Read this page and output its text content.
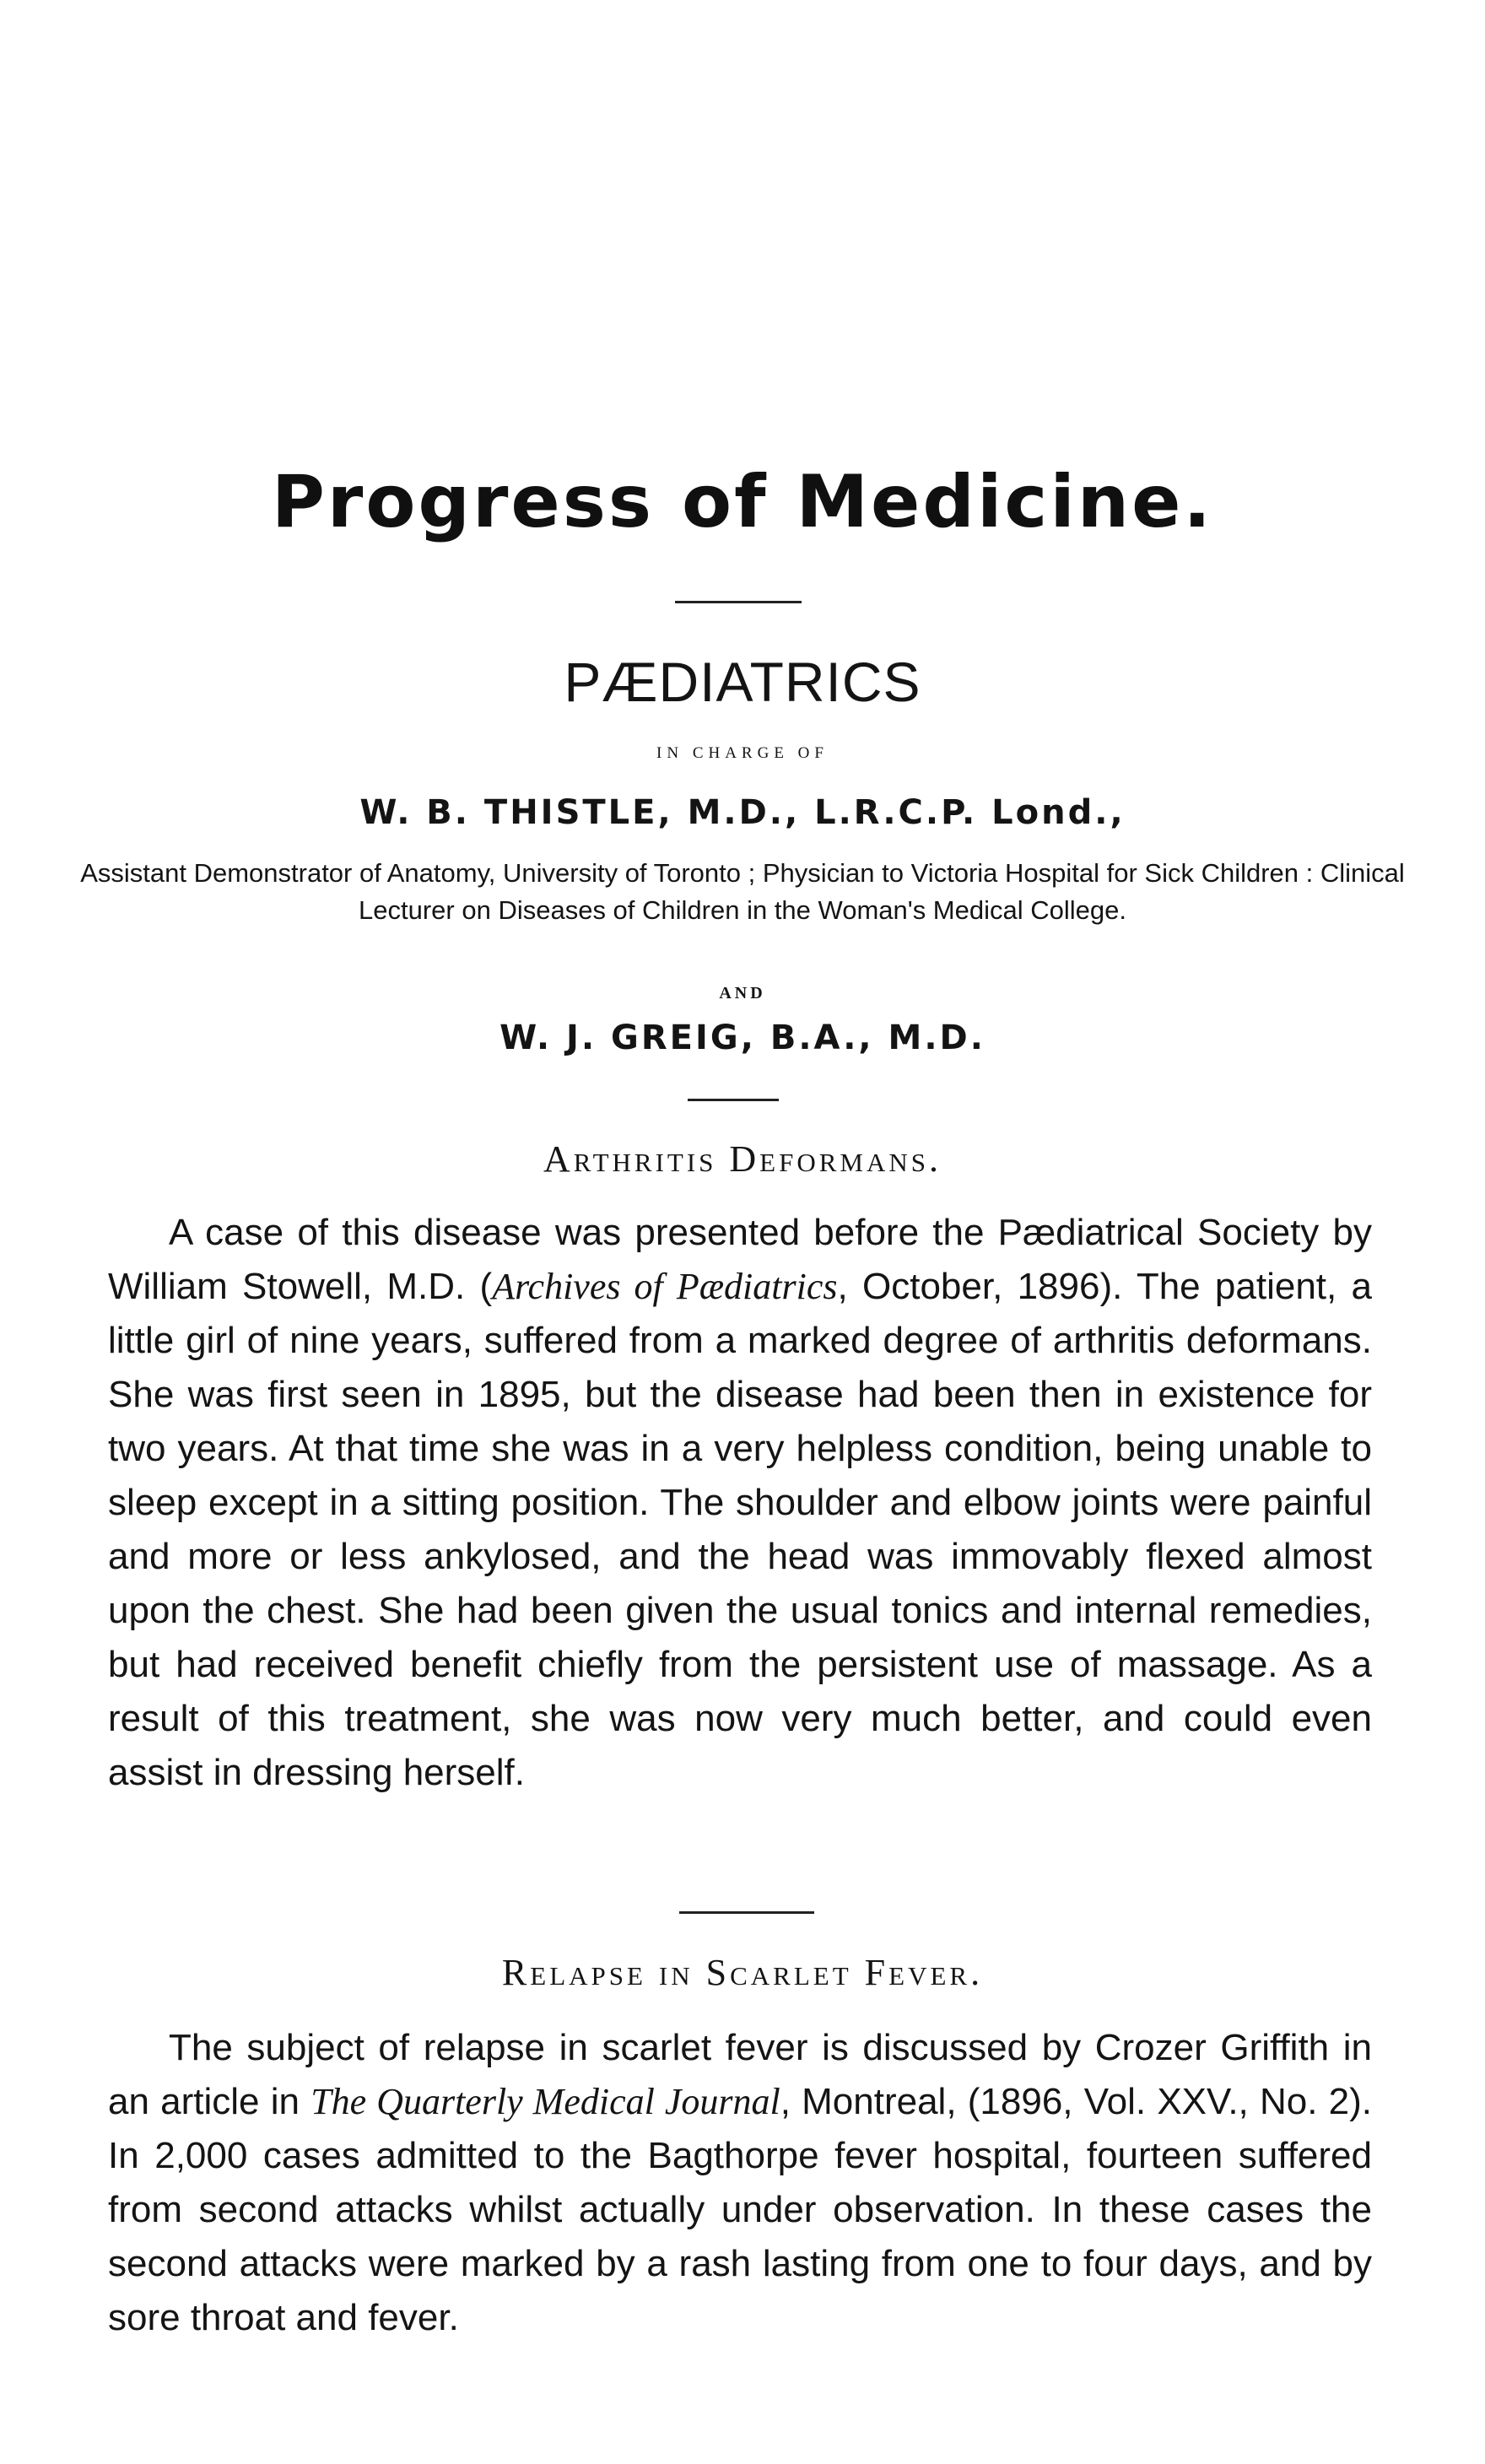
Progress of Medicine.
PÆDIATRICS
IN CHARGE OF
W. B. THISTLE, M.D., L.R.C.P. Lond.,
Assistant Demonstrator of Anatomy, University of Toronto ; Physician to Victoria Hospital for Sick Children : Clinical Lecturer on Diseases of Children in the Woman's Medical College.
AND
W. J. GREIG, B.A., M.D.
Arthritis Deformans.
A case of this disease was presented before the Pædiatrical Society by William Stowell, M.D. (Archives of Pædiatrics, October, 1896). The patient, a little girl of nine years, suffered from a marked degree of arthritis deformans. She was first seen in 1895, but the disease had been then in existence for two years. At that time she was in a very helpless condition, being unable to sleep except in a sitting position. The shoulder and elbow joints were painful and more or less ankylosed, and the head was immovably flexed almost upon the chest. She had been given the usual tonics and internal remedies, but had received benefit chiefly from the persistent use of massage. As a result of this treatment, she was now very much better, and could even assist in dressing herself.
Relapse in Scarlet Fever.
The subject of relapse in scarlet fever is discussed by Crozer Griffith in an article in The Quarterly Medical Journal, Montreal, (1896, Vol. XXV., No. 2). In 2,000 cases admitted to the Bagthorpe fever hospital, fourteen suffered from second attacks whilst actually under observation. In these cases the second attacks were marked by a rash lasting from one to four days, and by sore throat and fever.
